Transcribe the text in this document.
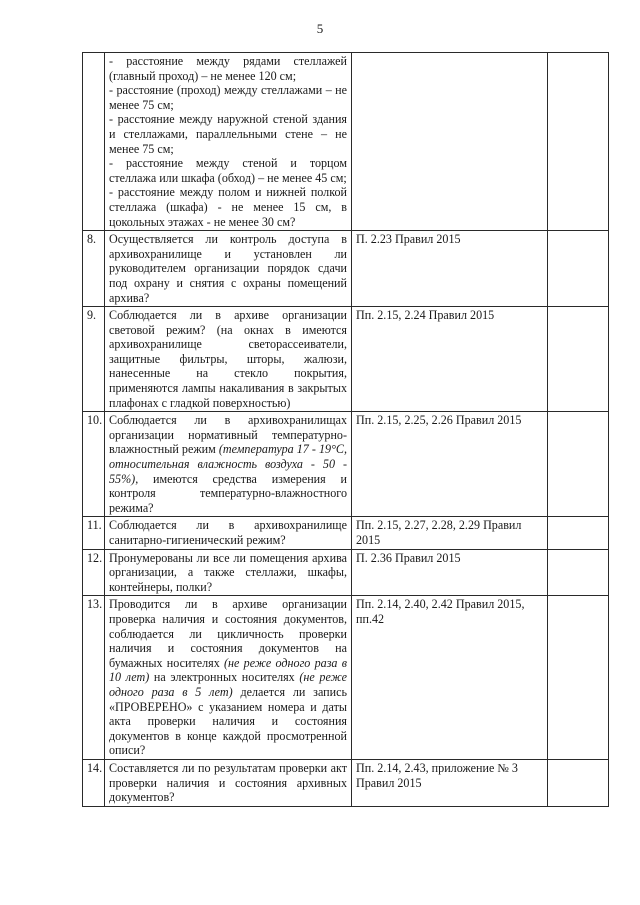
5

	- расстояние между рядами стеллажей (главный проход) – не менее 120 см;
- расстояние (проход) между стеллажами – не менее 75 см;
- расстояние между наружной стеной здания и стеллажами, параллельными стене – не менее 75 см;
- расстояние между стеной и торцом стеллажа или шкафа (обход) – не менее 45 см;
- расстояние между полом и нижней полкой стеллажа (шкафа) - не менее 15 см, в цокольных этажах - не менее 30 см?		

8.	Осуществляется ли контроль доступа в архивохранилище и установлен ли руководителем организации порядок сдачи под охрану и снятия с охраны помещений архива?	П. 2.23 Правил 2015	
9.	Соблюдается ли в архиве организации световой режим? (на окнах в имеются архивохранилище светорассеиватели, защитные фильтры, шторы, жалюзи, нанесенные на стекло покрытия, применяются лампы накаливания в закрытых плафонах с гладкой поверхностью)	Пп. 2.15, 2.24 Правил 2015	
10.	Соблюдается ли в архивохранилищах организации нормативный температурно-влажностный режим (температура 17 - 19°С, относительная влажность воздуха - 50 - 55%), имеются средства измерения и контроля температурно-влажностного режима?	Пп. 2.15, 2.25, 2.26 Правил 2015	
11.	Соблюдается ли в архивохранилище санитарно-гигиенический режим?	Пп. 2.15, 2.27, 2.28, 2.29 Правил 2015	
12.	Пронумерованы ли все ли помещения архива организации, а также стеллажи, шкафы, контейнеры, полки?	П. 2.36 Правил 2015	
13.	Проводится ли в архиве организации проверка наличия и состояния документов, соблюдается ли цикличность проверки наличия и состояния документов на бумажных носителях (не реже одного раза в 10 лет) на электронных носителях (не реже одного раза в 5 лет) делается ли запись «ПРОВЕРЕНО» с указанием номера и даты акта проверки наличия и состояния документов в конце каждой просмотренной описи?	Пп. 2.14, 2.40, 2.42 Правил 2015, пп.42	
14.	Составляется ли по результатам проверки акт проверки наличия и состояния архивных документов?	Пп. 2.14, 2.43, приложение № 3 Правил 2015	
